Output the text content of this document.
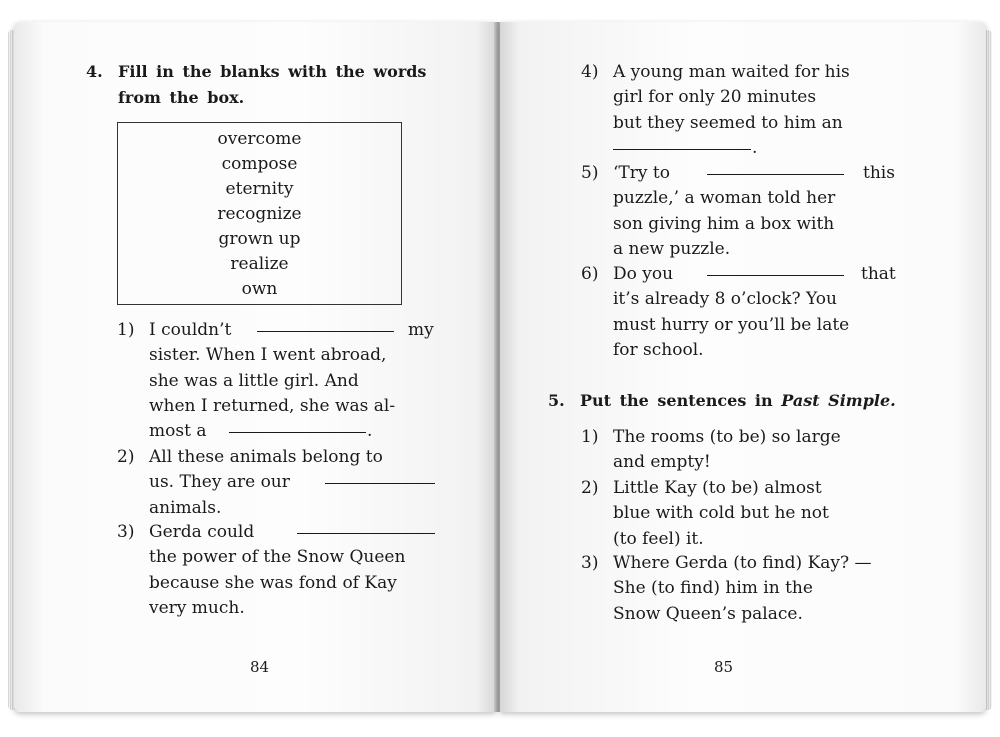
4. Fill in the blanks with the words
from the box.
overcome
compose
eternity
recognize
grown up
realize
own
1) I couldn’t	my
sister. When I went abroad,
she was a little girl. And
when I returned, she was al-
most a	.
2) All these animals belong to
us. They are our
animals.
3) Gerda could
the power of the Snow Queen
because she was fond of Kay
very much.
84
4) A young man waited for his
girl for only 20 minutes
but they seemed to him an
.
5) ‘Try to	this
puzzle,’ a woman told her
son giving him a box with
a new puzzle.
6) Do you	that
it’s already 8 o’clock? You
must hurry or you’ll be late
for school.
5. Put the sentences in Past Simple.
1) The rooms (to be) so large
and empty!
2) Little Kay (to be) almost
blue with cold but he not
(to feel) it.
3) Where Gerda (to find) Kay? —
She (to find) him in the
Snow Queen’s palace.
85
